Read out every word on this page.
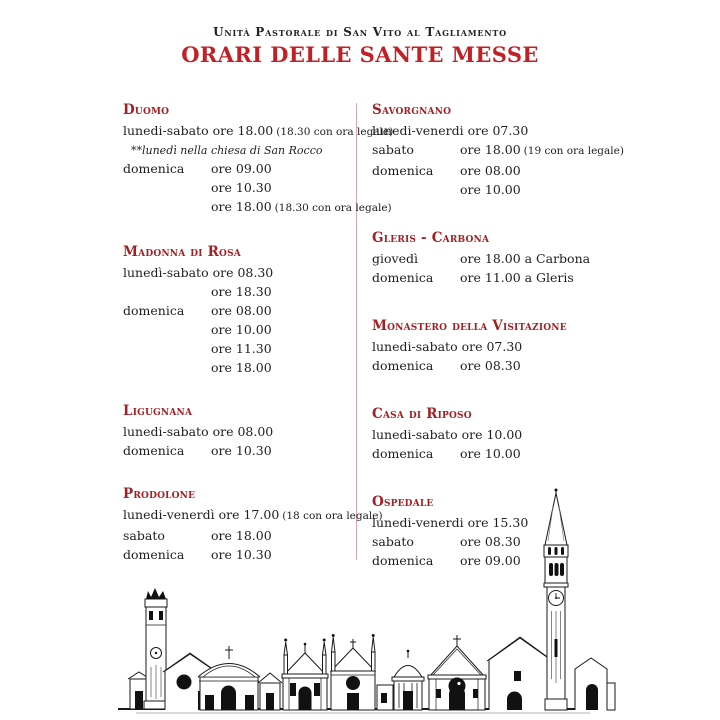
Unità Pastorale di San Vito al Tagliamento
ORARI DELLE SANTE MESSE
Duomo
lunedi-sabato ore 18.00 (18.30 con ora legale)
**lunedì nella chiesa di San Rocco
domenica	ore 09.00
ore 10.30
ore 18.00 (18.30 con ora legale)
Madonna di Rosa
lunedì-sabato ore 08.30
ore 18.30
domenica	ore 08.00
ore 10.00
ore 11.30
ore 18.00
Ligugnana
lunedi-sabato ore 08.00
domenica	ore 10.30
Prodolone
lunedi-venerdì ore 17.00 (18 con ora legale)
sabato	ore 18.00
domenica	ore 10.30
Savorgnano
lunedi-venerdi ore 07.30
sabato	ore 18.00 (19 con ora legale)
domenica	ore 08.00
ore 10.00
Gleris - Carbona
giovedì	ore 18.00 a Carbona
domenica	ore 11.00 a Gleris
Monastero della Visitazione
lunedi-sabato ore 07.30
domenica	ore 08.30
Casa di Riposo
lunedi-sabato ore 10.00
domenica	ore 10.00
Ospedale
lunedi-venerdi ore 15.30
sabato	ore 08.30
domenica	ore 09.00
